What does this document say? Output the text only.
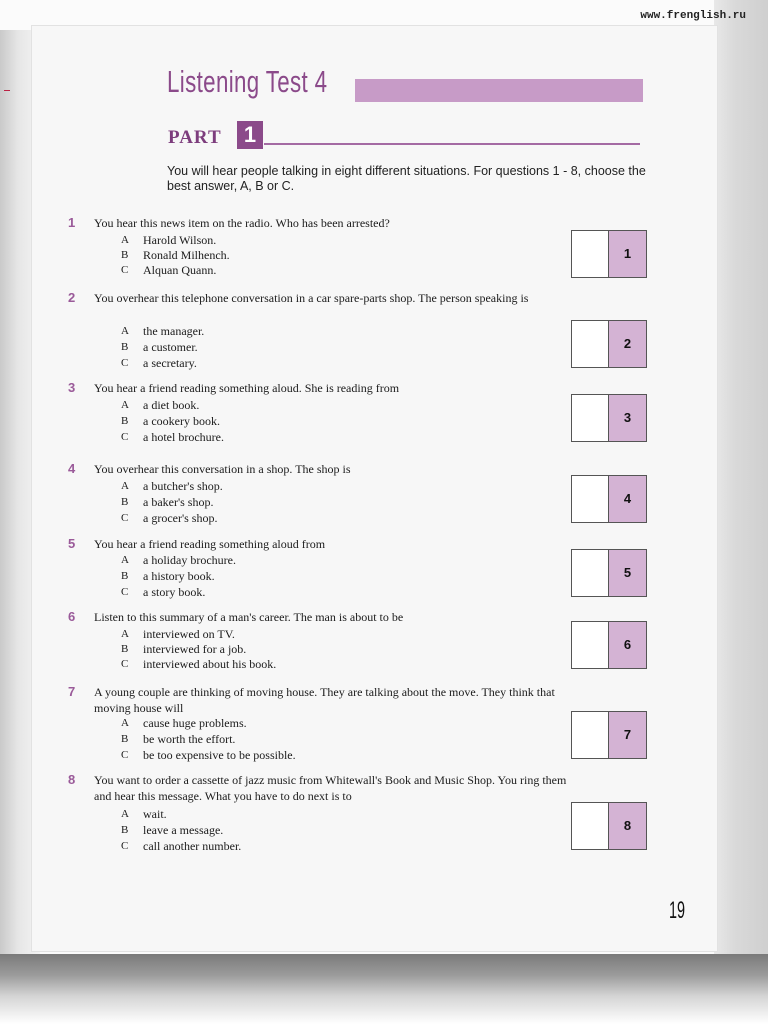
www.frenglish.ru
Listening Test 4
PART	1
You will hear people talking in eight different situations. For questions 1 - 8, choose the best answer, A, B or C.
1 You hear this news item on the radio. Who has been arrested?
A	Harold Wilson.
B	Ronald Milhench.
C	Alquan Quann.
1
2 You overhear this telephone conversation in a car spare-parts shop. The person speaking is
A	the manager.
B	a customer.
C	a secretary.
2
3 You hear a friend reading something aloud. She is reading from
A	a diet book.
B	a cookery book.
C	a hotel brochure.
3
4 You overhear this conversation in a shop. The shop is
A	a butcher's shop.
B	a baker's shop.
C	a grocer's shop.
4
5 You hear a friend reading something aloud from
A	a holiday brochure.
B	a history book.
C	a story book.
5
6 Listen to this summary of a man's career. The man is about to be
A	interviewed on TV.
B	interviewed for a job.
C	interviewed about his book.
6
7 A young couple are thinking of moving house. They are talking about the move. They think that moving house will
A	cause huge problems.
B	be worth the effort.
C	be too expensive to be possible.
7
8 You want to order a cassette of jazz music from Whitewall's Book and Music Shop. You ring them and hear this message. What you have to do next is to
A	wait.
B	leave a message.
C	call another number.
8
19
